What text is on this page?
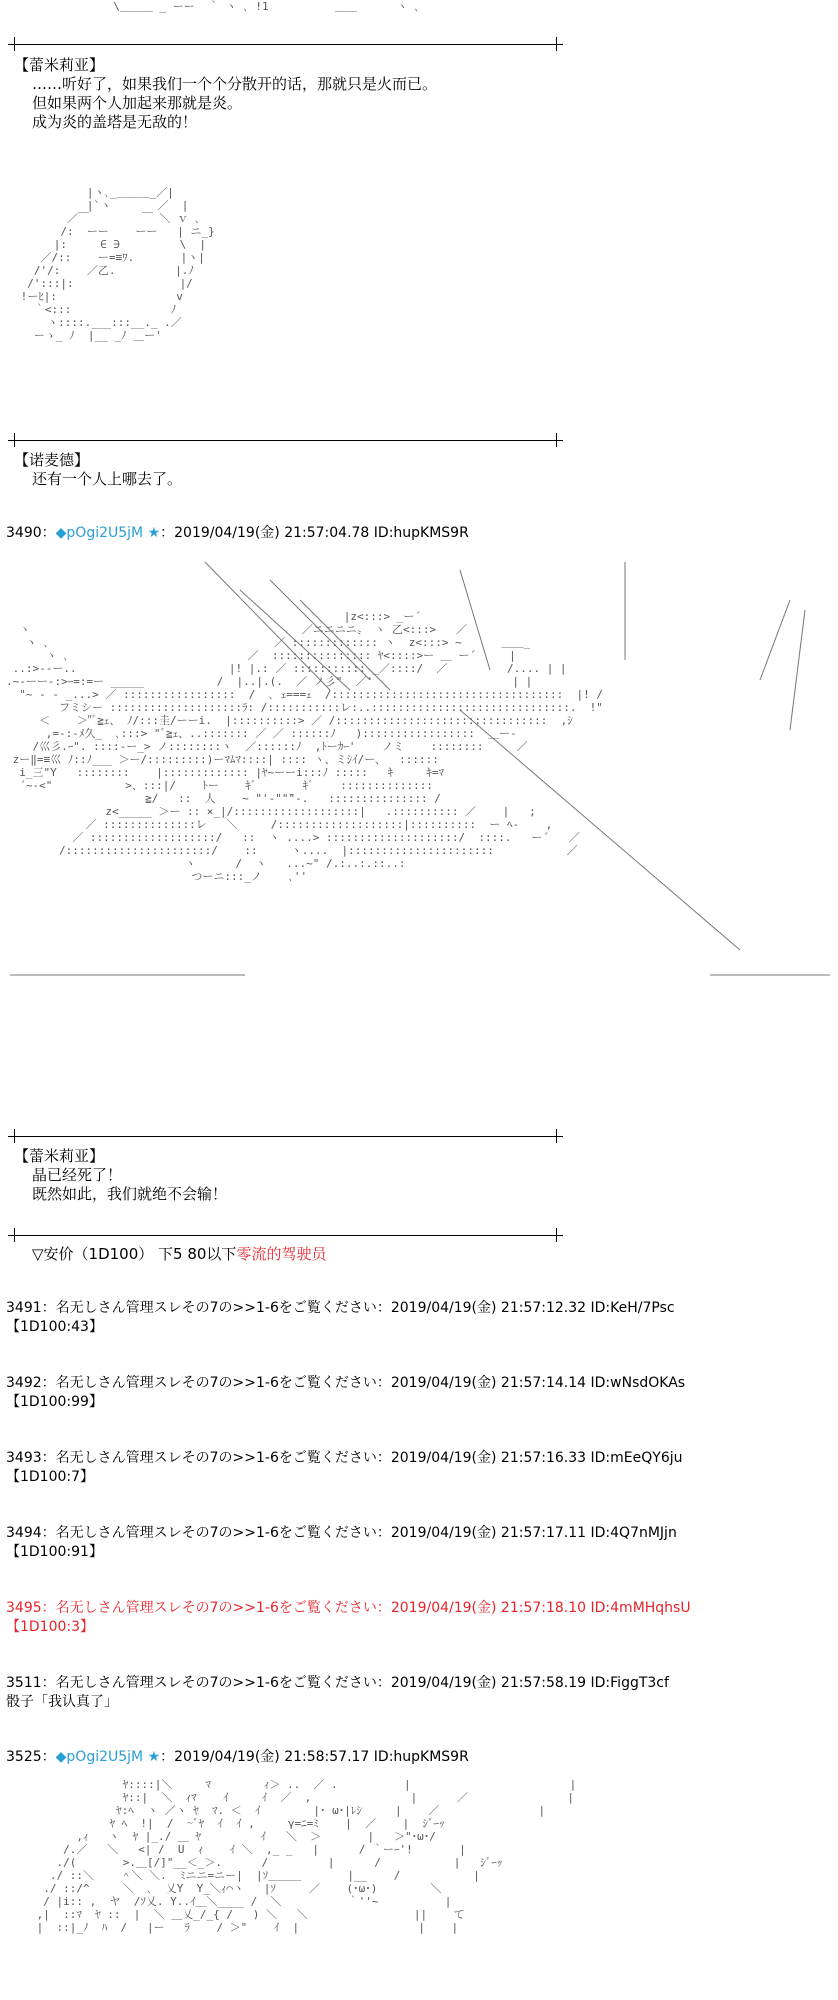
\＿＿＿ _ ーー  ｀ ヽ ､ !1          ＿＿      ヽ ､
【蕾米莉亚】
……听好了，如果我们一个个分散开的话，那就只是火而已。
但如果两个人加起来那就是炎。
成为炎的盖塔是无敌的！
|ヽ､_＿＿＿_／|
|`ヽ       ／  |
／￣        ￣ ＼ ｖ ､
/:  ーー    ーー   | ニ_}
|:     ∈ ∋         \  |
／/::    ー=≡ﾜ.       |ヽ|
/'/:    ／乙.         |.ﾉ
/':::|:                |/
!ーﾋ|:                  v
｀<:::               ﾉ
ヽ::::.___:::__._ .／
ーゝ_ ﾉ  |__ _ﾉ ＿ー'
【诺麦德】
还有一个人上哪去了。
3490：◆pOgi2U5jM ★：2019/04/19(金) 21:57:04.78 ID:hupKMS9R
|z<:::> _ー´
ヽ                                         ／ニニニニ〟 ヽ 乙<:::>   ／
ヽ ､                                  ／ ::::::::::::: ヽ  z<:::> ~      ＿＿_
ヽ ､                           ／  ::::::::::::::: ﾔ<::::>ー ＿ ー´     |
..:>--ー..                       |! |.: ／ ::::::::::: _／::::/  ／         /.... | |
.~-ーー-:>ｰ=:=ー _____           /  |..|.(.  ／ ノ彡"  ／'                     | |
"~ ‐ ‐ _...> ／ :::::::::::::::::  /  ､ ｪ===ｪ  /:::::::::::::::::::::::::::::::::::  |! /
フミシー ::::::::::::::::::::ﾗ: /:::::::::::レ:..::::::::::::::::::::::::::::::.  !"
＜    ＞"ﾞ≧ｪ、 ﾉ/:::圭/ーーi.  |::::::::::> ／ /::::::::::::::::::::::::::::::::  ,ｼ
,=-:-ﾒ久_  ､:::> "ﾞ≧ｪ、..::::::: ／ ／ ::::::ﾉ   ):::::::::::::::::  ＿ー‐
/巛彡.ｰ". ::::-ー_> ノ::::::::ヽ  ／::::::ﾉ  ,ﾄーｶｰ'    ノミ    ::::::::     ／
zー‖=≡巛 ﾉ::ﾉ___ ＞ー/:::::::::)ーﾏﾑﾏ::::| :::: ヽ、ミｼｲ/ー、  ::::::
i_三"Y   ::::::::    |::::::::::::: |ﾔ~ーーi:::ﾉ :::::   ｷ     ｷ=ﾏ
´~‐<"           >、:::|/    ﾄー    ｷﾞ       ｷﾞ    ::::::::::::::
≧/   ::  人    ~ "'‐""̄"‐.   ::::::::::::::: /
z<_____ ＞ー :: ×_|/:::::::::::::::::::|   .:::::::::: ／    |   ;
／ ::::::::::::::レ   ＼     /:::::::::::::::::::|::::::::::  ー ﾍ-    ,
／ :::::::::::::::::::/   ::  ヽ ....> ::::::::::::::::::::/  ::::.   ー´   ／
/::::::::::::::::::::::/    ::     ヽ....  |::::::::::::::::::::::           ／
ヽ      /  ヽ   ...~" /.:..:.::..:
つーニ:::_ノ    ､''
【蕾米莉亚】
晶已经死了！
既然如此，我们就绝不会输！
▽安价（1D100） 下5 80以下零流的驾驶员
3491：名无しさん管理スレその7の>>1-6をご覧ください：2019/04/19(金) 21:57:12.32 ID:KeH/7Psc
【1D100:43】
3492：名无しさん管理スレその7の>>1-6をご覧ください：2019/04/19(金) 21:57:14.14 ID:wNsdOKAs
【1D100:99】
3493：名无しさん管理スレその7の>>1-6をご覧ください：2019/04/19(金) 21:57:16.33 ID:mEeQY6ju
【1D100:7】
3494：名无しさん管理スレその7の>>1-6をご覧ください：2019/04/19(金) 21:57:17.11 ID:4Q7nMJjn
【1D100:91】
3495：名无しさん管理スレその7の>>1-6をご覧ください：2019/04/19(金) 21:57:18.10 ID:4mMHqhsU
【1D100:3】
3511：名无しさん管理スレその7の>>1-6をご覧ください：2019/04/19(金) 21:57:58.19 ID:FiggT3cf
骰子「我认真了」
3525：◆pOgi2U5jM ★：2019/04/19(金) 21:58:57.17 ID:hupKMS9R
ﾔ::::|＼     ﾏ        ｨ＞ ..  ／ .          |                        |
ﾔ::|  ＼  ｨﾏ    ｲ     ｲ  ／  ,               |      ／               |
ﾔ:ﾍ  ヽ ／ヽ ﾔ  ﾏ. ＜  ｲ        |･ ω･|ﾚｼ     |    ／               |
ﾔ ﾍ  !|  /  ~ﾞﾔ  ｲ  ｲ ,     γ=ﾆ=ﾐ    |  ／    |  ｼﾞｰｯ
,ｨ   ヽ  ﾔ |_./ ＿ ﾔ         ｲ   ＼  ＞       |   ＞"･ω･/
/.／   ＼   <| /  U  ｨ    ｲ ＼  ,_ _   |      / ｀ーｰ'!       |
./(       >.＿[/]"__＜_＞.      /         |      /           |   ｼﾞｰｯ
./ ::＼    ＾＼ ＼.  ﾐニニ=ニー|  |ｿ＿＿＿       |__    /           |
./ ::/^     ＼  ､  乂Y  Y_＼ｨ⌒ヽ   |ｿ     ／    (･ω･)        ＼
/ |i:: ,  ヤ  /ｿ乂. Y..ｲ＿＼____ /  ＼          ｀''~          |
,|  ::ﾏ  ﾔ ::  |  ＼ ＿乂_/_{ /   ) ＼   ＼                ||    て
|  ::|_ﾉ  ﾊ  /   |ー   ﾗ    / ＞"    ｲ  |                  |    |
